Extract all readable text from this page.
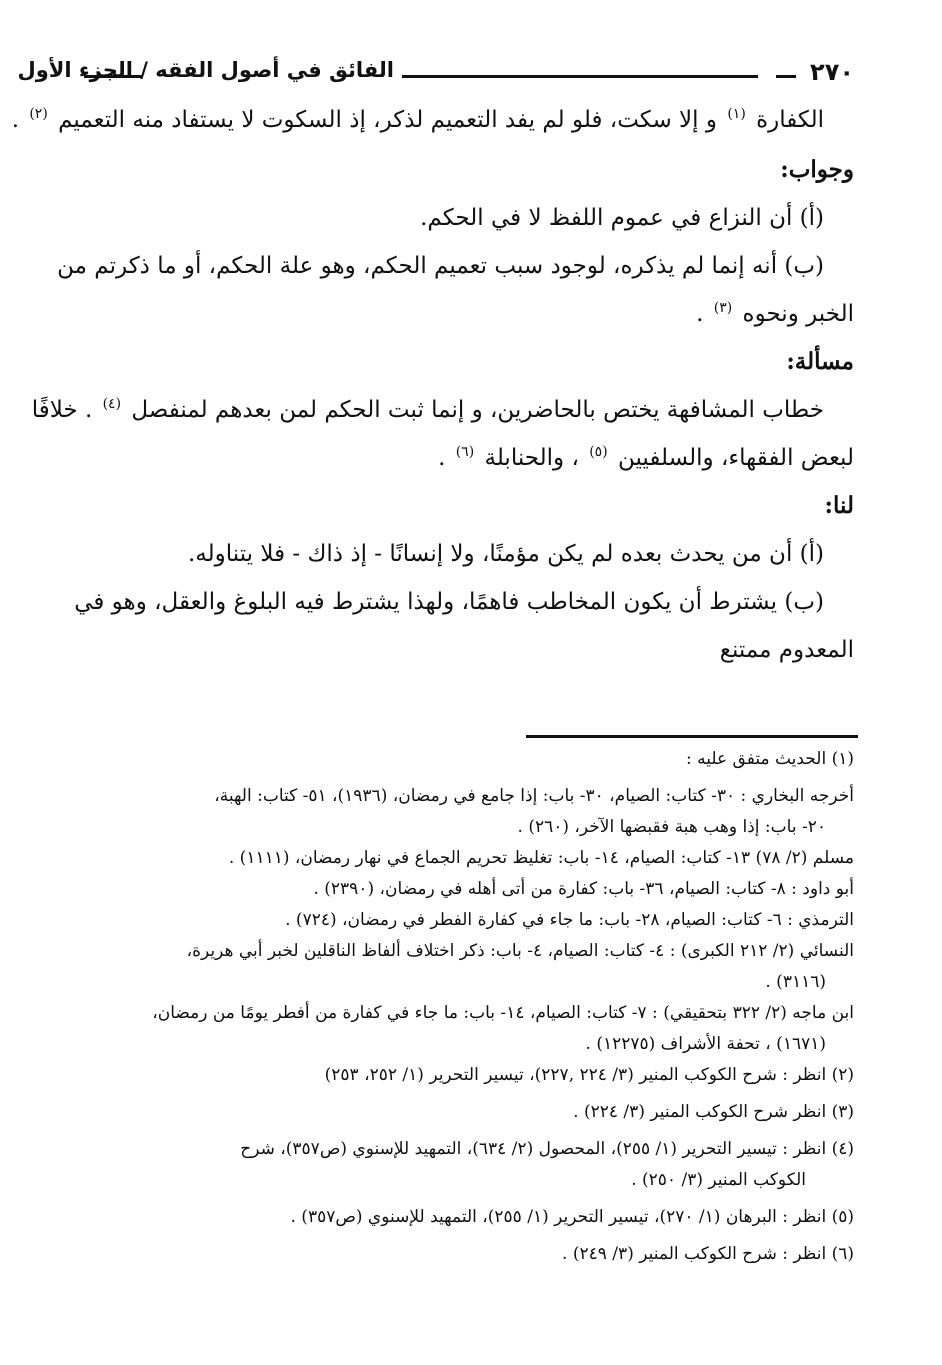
٢٧٠
الفائق في أصول الفقه / الجزء الأول
الكفارة $^{(١)}$ و إلا سكت، فلو لم يفد التعميم لذكر، إذ السكوت لا يستفاد منه التعميم $^{(٢)}$ .
وجواب:
(أ) أن النزاع في عموم اللفظ لا في الحكم.
(ب) أنه إنما لم يذكره، لوجود سبب تعميم الحكم، وهو علة الحكم، أو ما ذكرتم من
الخبر ونحوه $^{(٣)}$ .
مسألة:
خطاب المشافهة يختص بالحاضرين، و إنما ثبت الحكم لمن بعدهم لمنفصل $^{(٤)}$ . خلافًا
لبعض الفقهاء، والسلفيين $^{(٥)}$ ، والحنابلة $^{(٦)}$ .
لنا:
(أ) أن من يحدث بعده لم يكن مؤمنًا، ولا إنسانًا - إذ ذاك - فلا يتناوله.
(ب) يشترط أن يكون المخاطب فاهمًا، ولهذا يشترط فيه البلوغ والعقل، وهو في
المعدوم ممتنع
(١) الحديث متفق عليه :
أخرجه البخاري : ٣٠- كتاب: الصيام، ٣٠- باب: إذا جامع في رمضان، (١٩٣٦)، ٥١- كتاب: الهبة،
٢٠- باب: إذا وهب هبة فقبضها الآخر، (٢٦٠) .
مسلم (٢/ ٧٨) ١٣- كتاب: الصيام، ١٤- باب: تغليظ تحريم الجماع في نهار رمضان، (١١١١) .
أبو داود : ٨- كتاب: الصيام، ٣٦- باب: كفارة من أتى أهله في رمضان، (٢٣٩٠) .
الترمذي : ٦- كتاب: الصيام، ٢٨- باب: ما جاء في كفارة الفطر في رمضان، (٧٢٤) .
النسائي (٢/ ٢١٢ الكبرى) : ٤- كتاب: الصيام، ٤- باب: ذكر اختلاف ألفاظ الناقلين لخبر أبي هريرة،
(٣١١٦) .
ابن ماجه (٢/ ٣٢٢ بتحقيقي) : ٧- كتاب: الصيام، ١٤- باب: ما جاء في كفارة من أفطر يومًا من رمضان،
(١٦٧١) ، تحفة الأشراف (١٢٢٧٥) .
(٢) انظر : شرح الكوكب المنير (٣/ ٢٢٤ ,٢٢٧)، تيسير التحرير (١/ ٢٥٢، ٢٥٣)
(٣) انظر شرح الكوكب المنير (٣/ ٢٢٤) .
(٤) انظر : تيسير التحرير (١/ ٢٥٥)، المحصول (٢/ ٦٣٤)، التمهيد للإسنوي (ص٣٥٧)، شرح
الكوكب المنير (٣/ ٢٥٠) .
(٥) انظر : البرهان (١/ ٢٧٠)، تيسير التحرير (١/ ٢٥٥)، التمهيد للإسنوي (ص٣٥٧) .
(٦) انظر : شرح الكوكب المنير (٣/ ٢٤٩) .
